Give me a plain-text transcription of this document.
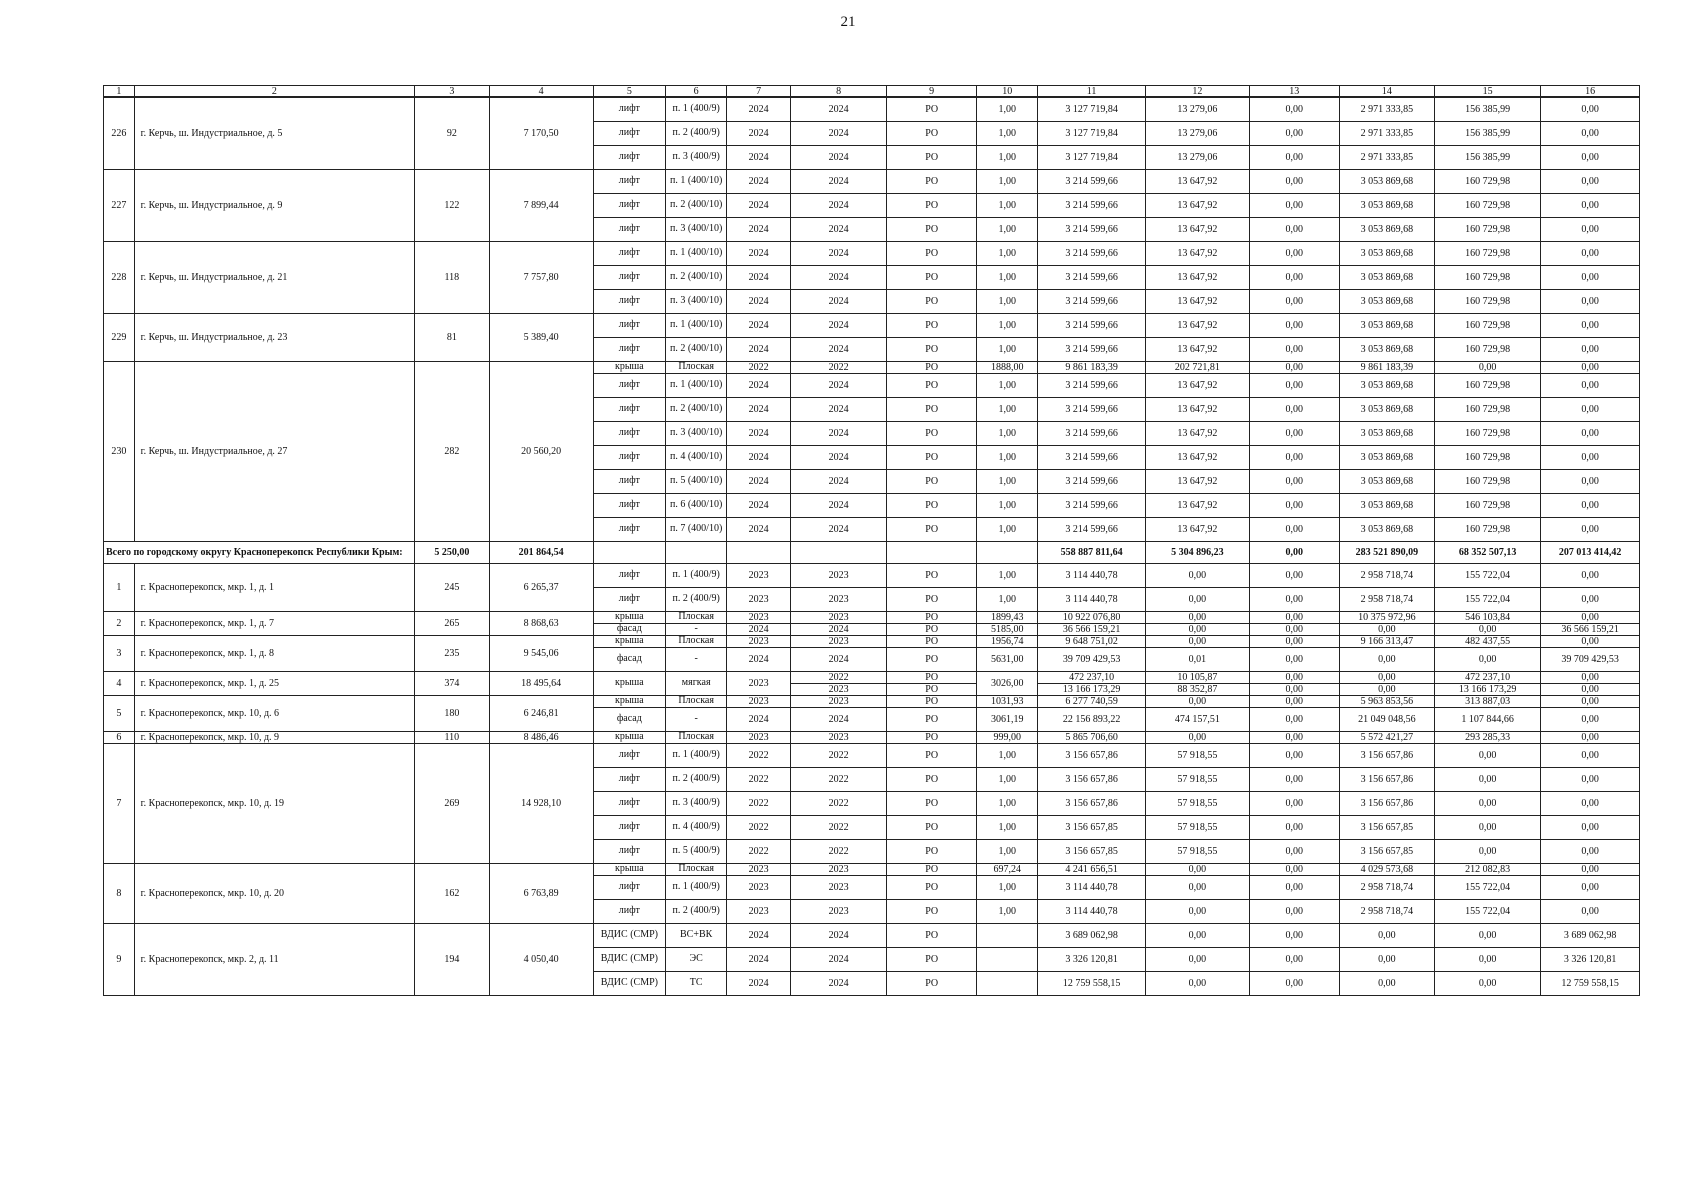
21
1	2	3	4	5	6	7	8	9	10	11	12	13	14	15	16
226	г. Керчь, ш. Индустриальное, д. 5	92	7 170,50	лифт	п. 1 (400/9)	2024	2024	РО	1,00	3 127 719,84	13 279,06	0,00	2 971 333,85	156 385,99	0,00
				лифт	п. 2 (400/9)	2024	2024	РО	1,00	3 127 719,84	13 279,06	0,00	2 971 333,85	156 385,99	0,00
				лифт	п. 3 (400/9)	2024	2024	РО	1,00	3 127 719,84	13 279,06	0,00	2 971 333,85	156 385,99	0,00
227	г. Керчь, ш. Индустриальное, д. 9	122	7 899,44	лифт	п. 1 (400/10)	2024	2024	РО	1,00	3 214 599,66	13 647,92	0,00	3 053 869,68	160 729,98	0,00
				лифт	п. 2 (400/10)	2024	2024	РО	1,00	3 214 599,66	13 647,92	0,00	3 053 869,68	160 729,98	0,00
				лифт	п. 3 (400/10)	2024	2024	РО	1,00	3 214 599,66	13 647,92	0,00	3 053 869,68	160 729,98	0,00
228	г. Керчь, ш. Индустриальное, д. 21	118	7 757,80	лифт	п. 1 (400/10)	2024	2024	РО	1,00	3 214 599,66	13 647,92	0,00	3 053 869,68	160 729,98	0,00
				лифт	п. 2 (400/10)	2024	2024	РО	1,00	3 214 599,66	13 647,92	0,00	3 053 869,68	160 729,98	0,00
				лифт	п. 3 (400/10)	2024	2024	РО	1,00	3 214 599,66	13 647,92	0,00	3 053 869,68	160 729,98	0,00
229	г. Керчь, ш. Индустриальное, д. 23	81	5 389,40	лифт	п. 1 (400/10)	2024	2024	РО	1,00	3 214 599,66	13 647,92	0,00	3 053 869,68	160 729,98	0,00
				лифт	п. 2 (400/10)	2024	2024	РО	1,00	3 214 599,66	13 647,92	0,00	3 053 869,68	160 729,98	0,00
230	г. Керчь, ш. Индустриальное, д. 27	282	20 560,20	крыша	Плоская	2022	2022	РО	1888,00	9 861 183,39	202 721,81	0,00	9 861 183,39	0,00	0,00
				лифт	п. 1 (400/10)	2024	2024	РО	1,00	3 214 599,66	13 647,92	0,00	3 053 869,68	160 729,98	0,00
				лифт	п. 2 (400/10)	2024	2024	РО	1,00	3 214 599,66	13 647,92	0,00	3 053 869,68	160 729,98	0,00
				лифт	п. 3 (400/10)	2024	2024	РО	1,00	3 214 599,66	13 647,92	0,00	3 053 869,68	160 729,98	0,00
				лифт	п. 4 (400/10)	2024	2024	РО	1,00	3 214 599,66	13 647,92	0,00	3 053 869,68	160 729,98	0,00
				лифт	п. 5 (400/10)	2024	2024	РО	1,00	3 214 599,66	13 647,92	0,00	3 053 869,68	160 729,98	0,00
				лифт	п. 6 (400/10)	2024	2024	РО	1,00	3 214 599,66	13 647,92	0,00	3 053 869,68	160 729,98	0,00
				лифт	п. 7 (400/10)	2024	2024	РО	1,00	3 214 599,66	13 647,92	0,00	3 053 869,68	160 729,98	0,00
Всего по городскому округу Красноперекопск Республики Крым:		5 250,00	201 864,54							558 887 811,64	5 304 896,23	0,00	283 521 890,09	68 352 507,13	207 013 414,42
1	г. Красноперекопск, мкр. 1, д. 1	245	6 265,37	лифт	п. 1 (400/9)	2023	2023	РО	1,00	3 114 440,78	0,00	0,00	2 958 718,74	155 722,04	0,00
				лифт	п. 2 (400/9)	2023	2023	РО	1,00	3 114 440,78	0,00	0,00	2 958 718,74	155 722,04	0,00
2	г. Красноперекопск, мкр. 1, д. 7	265	8 868,63	крыша	Плоская	2023	2023	РО	1899,43	10 922 076,80	0,00	0,00	10 375 972,96	546 103,84	0,00
				фасад	-	2024	2024	РО	5185,00	36 566 159,21	0,00	0,00	0,00	0,00	36 566 159,21
3	г. Красноперекопск, мкр. 1, д. 8	235	9 545,06	крыша	Плоская	2023	2023	РО	1956,74	9 648 751,02	0,00	0,00	9 166 313,47	482 437,55	0,00
				фасад	-	2024	2024	РО	5631,00	39 709 429,53	0,01	0,00	0,00	0,00	39 709 429,53
4	г. Красноперекопск, мкр. 1, д. 25	374	18 495,64	крыша	мягкая	2023	2022	РО	3026,00	472 237,10	10 105,87	0,00	0,00	472 237,10	0,00
							2023	РО		13 166 173,29	88 352,87	0,00	0,00	13 166 173,29	0,00
5	г. Красноперекопск, мкр. 10, д. 6	180	6 246,81	крыша	Плоская	2023	2023	РО	1031,93	6 277 740,59	0,00	0,00	5 963 853,56	313 887,03	0,00
				фасад	-	2024	2024	РО	3061,19	22 156 893,22	474 157,51	0,00	21 049 048,56	1 107 844,66	0,00
6	г. Красноперекопск, мкр. 10, д. 9	110	8 486,46	крыша	Плоская	2023	2023	РО	999,00	5 865 706,60	0,00	0,00	5 572 421,27	293 285,33	0,00
7	г. Красноперекопск, мкр. 10, д. 19	269	14 928,10	лифт	п. 1 (400/9)	2022	2022	РО	1,00	3 156 657,86	57 918,55	0,00	3 156 657,86	0,00	0,00
				лифт	п. 2 (400/9)	2022	2022	РО	1,00	3 156 657,86	57 918,55	0,00	3 156 657,86	0,00	0,00
				лифт	п. 3 (400/9)	2022	2022	РО	1,00	3 156 657,86	57 918,55	0,00	3 156 657,86	0,00	0,00
				лифт	п. 4 (400/9)	2022	2022	РО	1,00	3 156 657,85	57 918,55	0,00	3 156 657,85	0,00	0,00
				лифт	п. 5 (400/9)	2022	2022	РО	1,00	3 156 657,85	57 918,55	0,00	3 156 657,85	0,00	0,00
8	г. Красноперекопск, мкр. 10, д. 20	162	6 763,89	крыша	Плоская	2023	2023	РО	697,24	4 241 656,51	0,00	0,00	4 029 573,68	212 082,83	0,00
				лифт	п. 1 (400/9)	2023	2023	РО	1,00	3 114 440,78	0,00	0,00	2 958 718,74	155 722,04	0,00
				лифт	п. 2 (400/9)	2023	2023	РО	1,00	3 114 440,78	0,00	0,00	2 958 718,74	155 722,04	0,00
9	г. Красноперекопск, мкр. 2, д. 11	194	4 050,40	ВДИС (СМР)	ВС+ВК	2024	2024	РО		3 689 062,98	0,00	0,00	0,00	0,00	3 689 062,98
				ВДИС (СМР)	ЭС	2024	2024	РО		3 326 120,81	0,00	0,00	0,00	0,00	3 326 120,81
				ВДИС (СМР)	ТС	2024	2024	РО		12 759 558,15	0,00	0,00	0,00	0,00	12 759 558,15
